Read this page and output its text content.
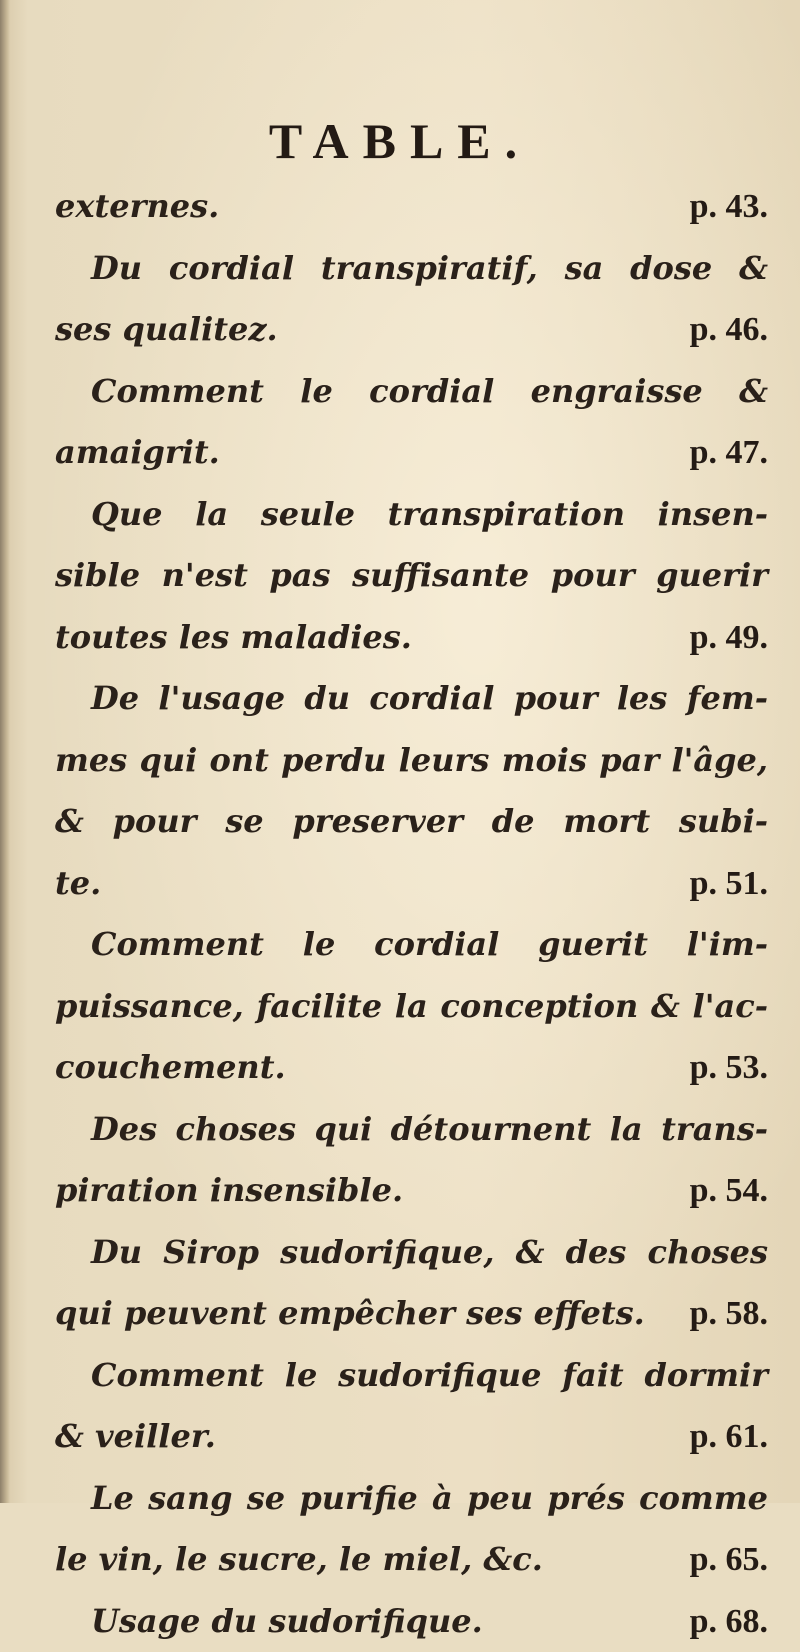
TABLE.
externes.	p. 43.
Du cordial transpiratif, sa dose &
ses qualitez.	p. 46.
Comment le cordial engraisse &
amaigrit.	p. 47.
Que la seule transpiration insen-
sible n'est pas suffisante pour guerir
toutes les maladies.	p. 49.
De l'usage du cordial pour les fem-
mes qui ont perdu leurs mois par l'âge,
& pour se preserver de mort subi-
te.	p. 51.
Comment le cordial guerit l'im-
puissance, facilite la conception & l'ac-
couchement.	p. 53.
Des choses qui détournent la trans-
piration insensible.	p. 54.
Du Sirop sudorifique, & des choses
qui peuvent empêcher ses effets.	p. 58.
Comment le sudorifique fait dormir
& veiller.	p. 61.
Le sang se purifie à peu prés comme
le vin, le sucre, le miel, &c.	p. 65.
Usage du sudorifique.	p. 68.
